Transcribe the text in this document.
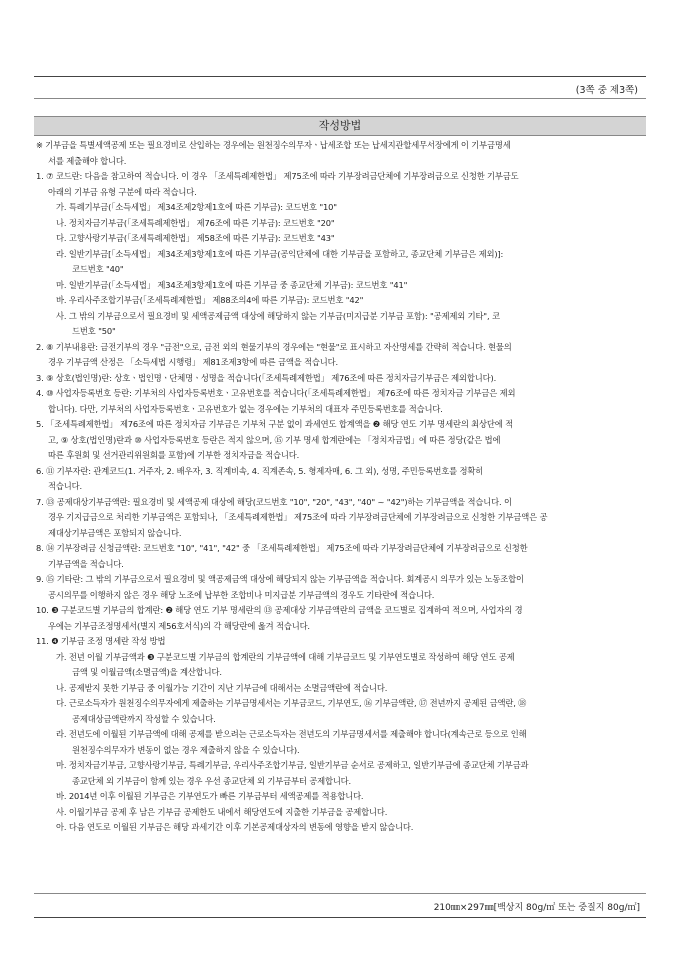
(3쪽 중 제3쪽)
작성방법
※ 기부금을 특별세액공제 또는 필요경비로 산입하는 경우에는 원천징수의무자ㆍ납세조합 또는 납세지관할세무서장에게 이 기부금명세
서를 제출해야 합니다.
1. ⑦ 코드란: 다음을 참고하여 적습니다. 이 경우 「조세특례제한법」 제75조에 따라 기부장려금단체에 기부장려금으로 신청한 기부금도
아래의 기부금 유형 구분에 따라 적습니다.
가. 특례기부금(「소득세법」 제34조제2항제1호에 따른 기부금): 코드번호 "10"
나. 정치자금기부금(「조세특례제한법」 제76조에 따른 기부금): 코드번호 "20"
다. 고향사랑기부금(「조세특례제한법」 제58조에 따른 기부금): 코드번호 "43"
라. 일반기부금[「소득세법」 제34조제3항제1호에 따른 기부금(공익단체에 대한 기부금을 포함하고, 종교단체 기부금은 제외)]:
코드번호 "40"
마. 일반기부금(「소득세법」 제34조제3항제1호에 따른 기부금 중 종교단체 기부금): 코드번호 "41"
바. 우리사주조합기부금(「조세특례제한법」 제88조의4에 따른 기부금): 코드번호 "42"
사. 그 밖의 기부금으로서 필요경비 및 세액공제금액 대상에 해당하지 않는 기부금(미지급분 기부금 포함): "공제제외 기타", 코
드번호 "50"
2. ⑧ 기부내용란: 금전기부의 경우 "금전"으로, 금전 외의 현물기부의 경우에는 "현물"로 표시하고 자산명세를 간략히 적습니다. 현물의
경우 기부금액 산정은 「소득세법 시행령」 제81조제3항에 따른 금액을 적습니다.
3. ⑨ 상호(법인명)란: 상호ㆍ법인명ㆍ단체명ㆍ성명을 적습니다(「조세특례제한법」 제76조에 따른 정치자금기부금은 제외합니다).
4. ⑩ 사업자등록번호 등란: 기부처의 사업자등록번호ㆍ고유번호를 적습니다(「조세특례제한법」 제76조에 따른 정치자금 기부금은 제외
합니다). 다만, 기부처의 사업자등록번호ㆍ고유번호가 없는 경우에는 기부처의 대표자 주민등록번호를 적습니다.
5. 「조세특례제한법」 제76조에 따른 정치자금 기부금은 기부처 구분 없이 과세연도 합계액을 ❷ 해당 연도 기부 명세란의 최상단에 적
고, ⑨ 상호(법인명)란과 ⑩ 사업자등록번호 등란은 적지 않으며, ⑮ 기부 명세 합계란에는 「정치자금법」에 따른 정당(같은 법에
따른 후원회 및 선거관리위원회를 포함)에 기부한 정치자금을 적습니다.
6. ⑪ 기부자란: 관계코드(1. 거주자, 2. 배우자, 3. 직계비속, 4. 직계존속, 5. 형제자매, 6. 그 외), 성명, 주민등록번호를 정확히
적습니다.
7. ⑬ 공제대상기부금액란: 필요경비 및 세액공제 대상에 해당(코드번호 "10", "20", "43", "40" ~ "42")하는 기부금액을 적습니다. 이
경우 기지급금으로 처리한 기부금액은 포함되나, 「조세특례제한법」 제75조에 따라 기부장려금단체에 기부장려금으로 신청한 기부금액은 공
제대상기부금액은 포함되지 않습니다.
8. ⑭ 기부장려금 신청금액란: 코드번호 "10", "41", "42" 중 「조세특례제한법」 제75조에 따라 기부장려금단체에 기부장려금으로 신청한
기부금액을 적습니다.
9. ⑮ 기타란: 그 밖의 기부금으로서 필요경비 및 액공제금액 대상에 해당되지 않는 기부금액을 적습니다. 회계공시 의무가 있는 노동조합이
공시의무를 이행하지 않은 경우 해당 노조에 납부한 조합비나 미지급분 기부금액의 경우도 기타란에 적습니다.
10. ❸ 구분코드별 기부금의 합계란: ❷ 해당 연도 기부 명세란의 ⑬ 공제대상 기부금액란의 금액을 코드별로 집계하여 적으며, 사업자의 경
우에는 기부금조정명세서(별지 제56호서식)의 각 해당란에 옮겨 적습니다.
11. ❹ 기부금 조정 명세란 작성 방법
가. 전년 이월 기부금액과 ❸ 구분코드별 기부금의 합계란의 기부금액에 대해 기부금코드 및 기부연도별로 작성하여 해당 연도 공제
금액 및 이월금액(소멸금액)을 계산합니다.
나. 공제받지 못한 기부금 중 이월가능 기간이 지난 기부금에 대해서는 소멸금액란에 적습니다.
다. 근로소득자가 원천징수의무자에게 제출하는 기부금명세서는 기부금코드, 기부연도, ⑯ 기부금액란, ⑰ 전년까지 공제된 금액란, ⑱
공제대상금액란까지 작성할 수 있습니다.
라. 전년도에 이월된 기부금액에 대해 공제를 받으려는 근로소득자는 전년도의 기부금명세서를 제출해야 합니다(계속근로 등으로 인해
원천징수의무자가 변동이 없는 경우 제출하지 않을 수 있습니다).
마. 정치자금기부금, 고향사랑기부금, 특례기부금, 우리사주조합기부금, 일반기부금 순서로 공제하고, 일반기부금에 종교단체 기부금과
종교단체 외 기부금이 함께 있는 경우 우선 종교단체 외 기부금부터 공제합니다.
바. 2014년 이후 이월된 기부금은 기부연도가 빠른 기부금부터 세액공제를 적용합니다.
사. 이월기부금 공제 후 남은 기부금 공제한도 내에서 해당연도에 지출한 기부금을 공제합니다.
아. 다음 연도로 이월된 기부금은 해당 과세기간 이후 기본공제대상자의 변동에 영향을 받지 않습니다.
210㎜×297㎜[백상지 80g/㎡ 또는 중질지 80g/㎡]
